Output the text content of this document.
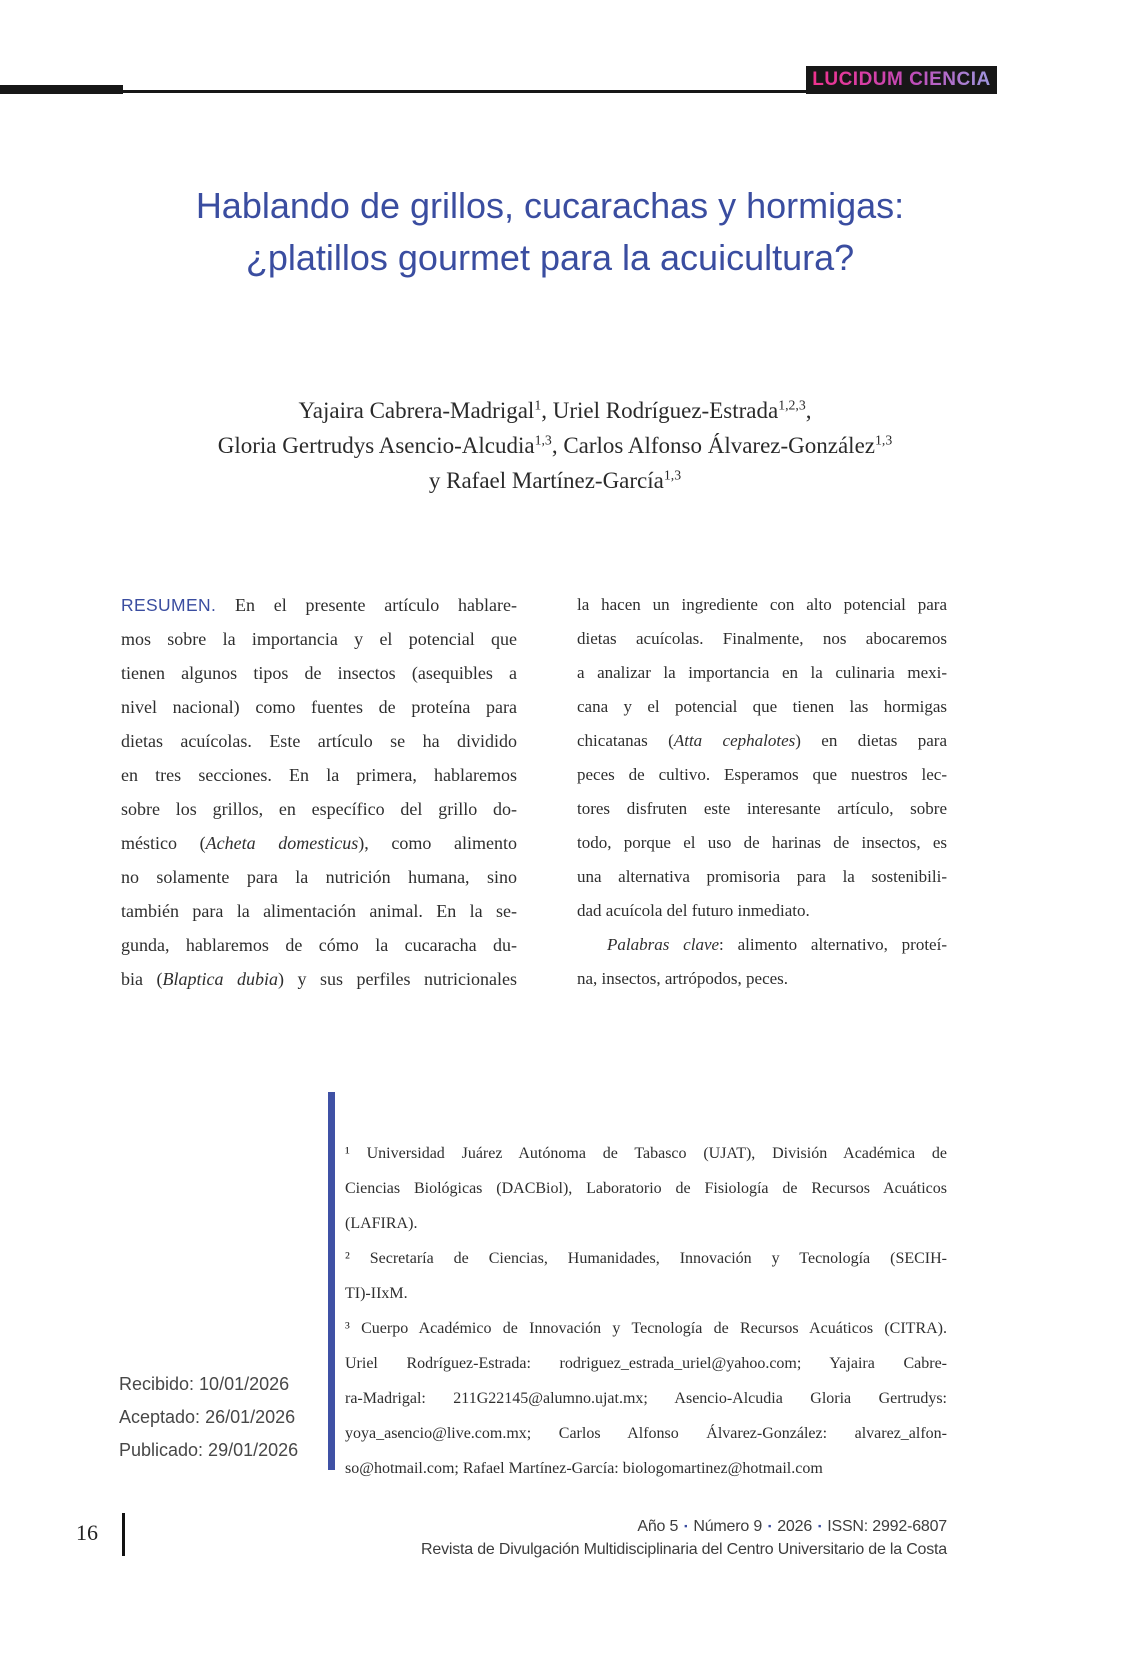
LUCIDUM CIENCIA
Hablando de grillos, cucarachas y hormigas:
¿platillos gourmet para la acuicultura?
Yajaira Cabrera-Madrigal$^1$, Uriel Rodríguez-Estrada$^{1,2,3}$,
Gloria Gertrudys Asencio-Alcudia$^{1,3}$, Carlos Alfonso Álvarez-González$^{1,3}$
y Rafael Martínez-García$^{1,3}$
RESUMEN. En el presente artículo hablare-
mos sobre la importancia y el potencial que
tienen algunos tipos de insectos (asequibles a
nivel nacional) como fuentes de proteína para
dietas acuícolas. Este artículo se ha dividido
en tres secciones. En la primera, hablaremos
sobre los grillos, en específico del grillo do-
méstico (Acheta domesticus), como alimento
no solamente para la nutrición humana, sino
también para la alimentación animal. En la se-
gunda, hablaremos de cómo la cucaracha du-
bia (Blaptica dubia) y sus perfiles nutricionales
la hacen un ingrediente con alto potencial para
dietas acuícolas. Finalmente, nos abocaremos
a analizar la importancia en la culinaria mexi-
cana y el potencial que tienen las hormigas
chicatanas (Atta cephalotes) en dietas para
peces de cultivo. Esperamos que nuestros lec-
tores disfruten este interesante artículo, sobre
todo, porque el uso de harinas de insectos, es
una alternativa promisoria para la sostenibili-
dad acuícola del futuro inmediato.
Palabras clave: alimento alternativo, proteí-
na, insectos, artrópodos, peces.
¹ Universidad Juárez Autónoma de Tabasco (UJAT), División Académica de
Ciencias Biológicas (DACBiol), Laboratorio de Fisiología de Recursos Acuáticos
(LAFIRA).
² Secretaría de Ciencias, Humanidades, Innovación y Tecnología (SECIH-
TI)-IIxM.
³ Cuerpo Académico de Innovación y Tecnología de Recursos Acuáticos (CITRA).
Uriel Rodríguez-Estrada: rodriguez_estrada_uriel@yahoo.com; Yajaira Cabre-
ra-Madrigal: 211G22145@alumno.ujat.mx; Asencio-Alcudia Gloria Gertrudys:
yoya_asencio@live.com.mx; Carlos Alfonso Álvarez-González: alvarez_alfon-
so@hotmail.com; Rafael Martínez-García: biologomartinez@hotmail.com
Recibido: 10/01/2026
Aceptado: 26/01/2026
Publicado: 29/01/2026
16	Año 5 ▪ Número 9 ▪ 2026 ▪ ISSN: 2992-6807
Revista de Divulgación Multidisciplinaria del Centro Universitario de la Costa
